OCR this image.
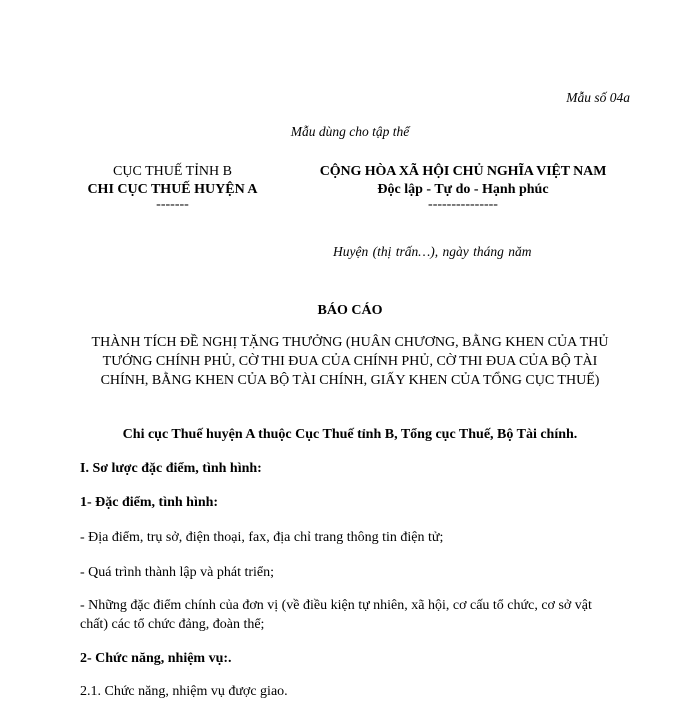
Mẫu số 04a
Mẫu dùng cho tập thể
CỤC THUẾ TỈNH B
CHI CỤC THUẾ HUYỆN A
-------
CỘNG HÒA XÃ HỘI CHỦ NGHĨA VIỆT NAM
Độc lập - Tự do - Hạnh phúc
---------------
Huyện (thị trấn…), ngày tháng năm
BÁO CÁO
THÀNH TÍCH ĐỀ NGHỊ TẶNG THƯỞNG (HUÂN CHƯƠNG, BẰNG KHEN CỦA THỦ TƯỚNG CHÍNH PHỦ, CỜ THI ĐUA CỦA CHÍNH PHỦ, CỜ THI ĐUA CỦA BỘ TÀI CHÍNH, BẰNG KHEN CỦA BỘ TÀI CHÍNH, GIẤY KHEN CỦA TỔNG CỤC THUẾ)
Chi cục Thuế huyện A thuộc Cục Thuế tỉnh B, Tổng cục Thuế, Bộ Tài chính.
I. Sơ lược đặc điểm, tình hình:
1- Đặc điểm, tình hình:
- Địa điểm, trụ sở, điện thoại, fax, địa chỉ trang thông tin điện tử;
- Quá trình thành lập và phát triển;
- Những đặc điểm chính của đơn vị (về điều kiện tự nhiên, xã hội, cơ cấu tổ chức, cơ sở vật chất) các tổ chức đảng, đoàn thể;
2- Chức năng, nhiệm vụ:.
2.1. Chức năng, nhiệm vụ được giao.
